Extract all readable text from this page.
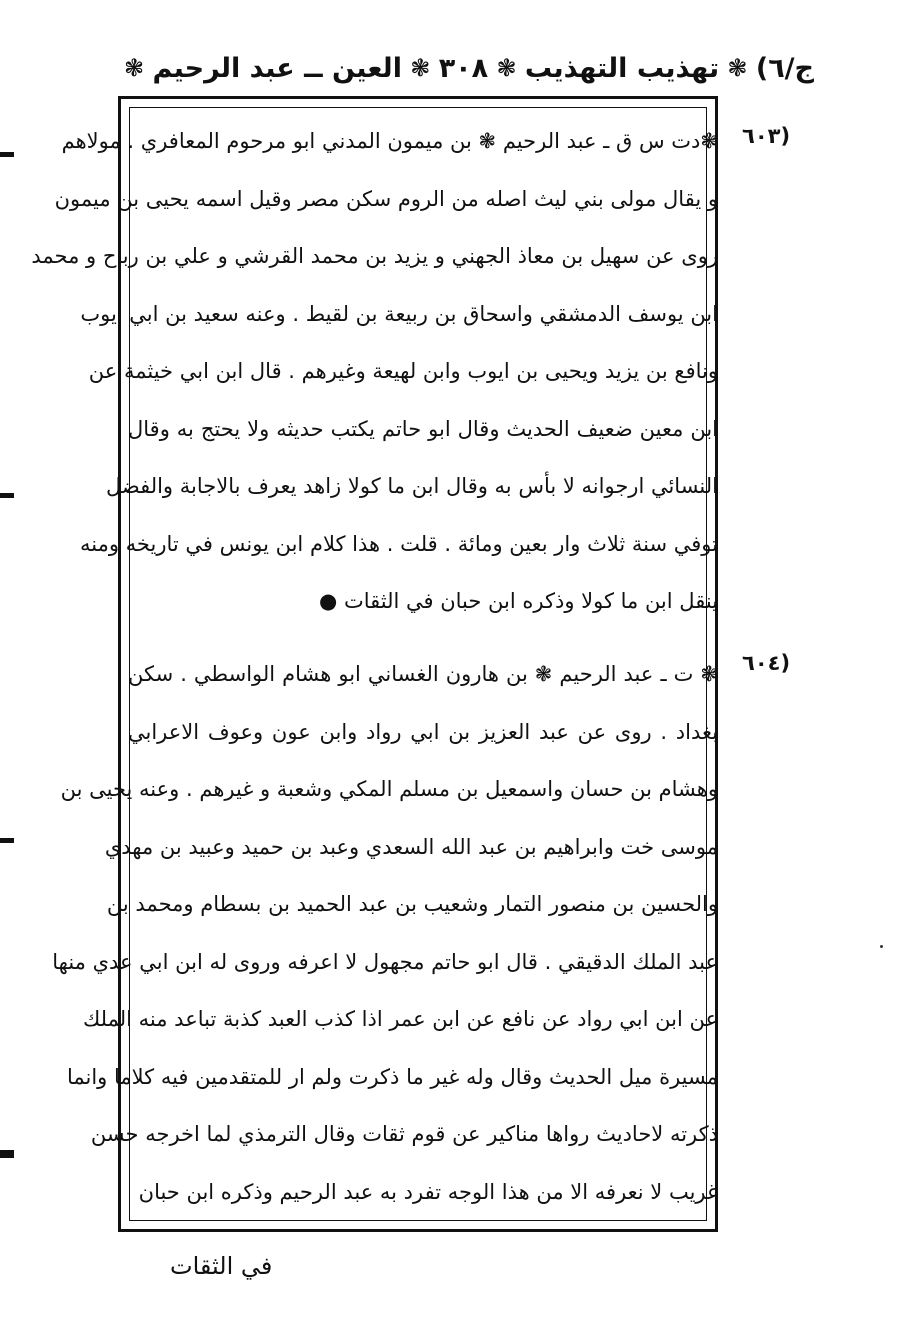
ج/٦)
❃
تهذيب التهذيب
❃
٣٠٨
❃
العين ــ عبد الرحيم
❃
(٦٠٣
❃دت س ق ـ عبد الرحيم ❃ بن ميمون المدني ابو مرحوم المعافري . مولاهم
و يقال مولى بني ليث اصله من الروم سكن مصر وقيل اسمه يحيى بن ميمون
روى عن سهيل بن معاذ الجهني و يزيد بن محمد القرشي و علي بن رباح و محمد
ابن يوسف الدمشقي واسحاق بن ربيعة بن لقيط . وعنه سعيد بن ابي ايوب
ونافع بن يزيد ويحيى بن ايوب وابن لهيعة وغيرهم . قال ابن ابي خيثمة عن
ابن معين ضعيف الحديث وقال ابو حاتم يكتب حديثه ولا يحتج به وقال
النسائي ارجوانه لا بأس به وقال ابن ما كولا زاهد يعرف بالاجابة والفضل
توفي سنة ثلاث وار بعين ومائة . قلت . هذا كلام ابن يونس في تاريخه ومنه
ينقل ابن ما كولا وذكره ابن حبان في الثقات ●
(٦٠٤
❃ ت ـ عبد الرحيم ❃ بن هارون الغساني ابو هشام الواسطي . سكن
بغداد . روى عن عبد العزيز بن ابي رواد وابن عون وعوف الاعرابي
وهشام بن حسان واسمعيل بن مسلم المكي وشعبة و غيرهم . وعنه يحيى بن
موسى خت وابراهيم بن عبد الله السعدي وعبد بن حميد وعبيد بن مهدي
والحسين بن منصور التمار وشعيب بن عبد الحميد بن بسطام ومحمد بن
عبد الملك الدقيقي . قال ابو حاتم مجهول لا اعرفه وروى له ابن ابي عدي منها
عن ابن ابي رواد عن نافع عن ابن عمر اذا كذب العبد كذبة تباعد منه الملك
مسيرة ميل الحديث وقال وله غير ما ذكرت ولم ار للمتقدمين فيه كلاما وانما
ذكرته لاحاديث رواها مناكير عن قوم ثقات وقال الترمذي لما اخرجه حسن
غريب لا نعرفه الا من هذا الوجه تفرد به عبد الرحيم وذكره ابن حبان
في الثقات
